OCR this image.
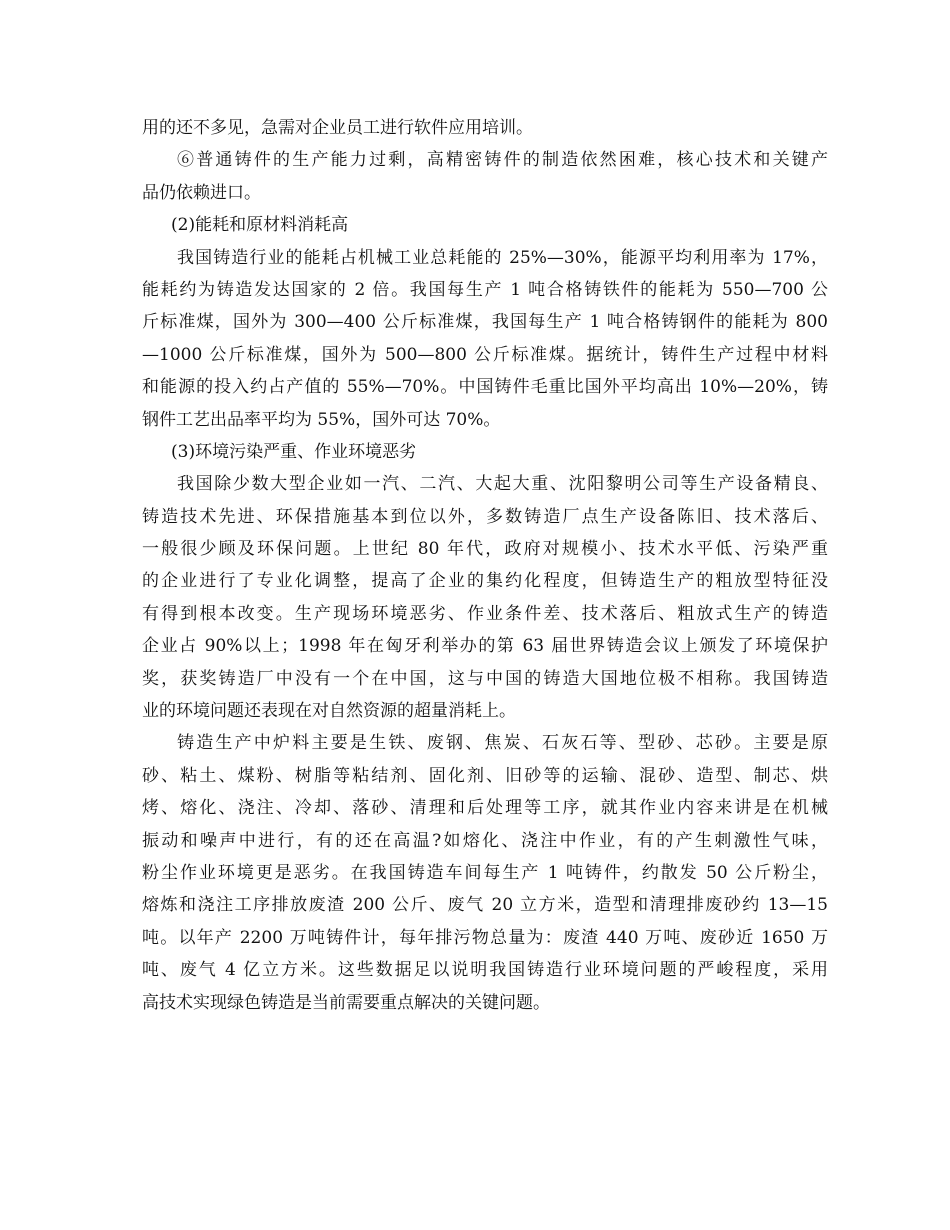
用的还不多见，急需对企业员工进行软件应用培训。
⑥普通铸件的生产能力过剩，高精密铸件的制造依然困难，核心技术和关键产
品仍依赖进口。
(2)能耗和原材料消耗高
我国铸造行业的能耗占机械工业总耗能的 25%—30%，能源平均利用率为 17%，
能耗约为铸造发达国家的 2 倍。我国每生产 1 吨合格铸铁件的能耗为 550—700 公
斤标准煤，国外为 300—400 公斤标准煤，我国每生产 1 吨合格铸钢件的能耗为 800
—1000 公斤标准煤，国外为 500—800 公斤标准煤。据统计，铸件生产过程中材料
和能源的投入约占产值的 55%—70%。中国铸件毛重比国外平均高出 10%—20%，铸
钢件工艺出品率平均为 55%，国外可达 70%。
(3)环境污染严重、作业环境恶劣
我国除少数大型企业如一汽、二汽、大起大重、沈阳黎明公司等生产设备精良、
铸造技术先进、环保措施基本到位以外，多数铸造厂点生产设备陈旧、技术落后、
一般很少顾及环保问题。上世纪 80 年代，政府对规模小、技术水平低、污染严重
的企业进行了专业化调整，提高了企业的集约化程度，但铸造生产的粗放型特征没
有得到根本改变。生产现场环境恶劣、作业条件差、技术落后、粗放式生产的铸造
企业占 90%以上；1998 年在匈牙利举办的第 63 届世界铸造会议上颁发了环境保护
奖，获奖铸造厂中没有一个在中国，这与中国的铸造大国地位极不相称。我国铸造
业的环境问题还表现在对自然资源的超量消耗上。
铸造生产中炉料主要是生铁、废钢、焦炭、石灰石等、型砂、芯砂。主要是原
砂、粘土、煤粉、树脂等粘结剂、固化剂、旧砂等的运输、混砂、造型、制芯、烘
烤、熔化、浇注、冷却、落砂、清理和后处理等工序，就其作业内容来讲是在机械
振动和噪声中进行，有的还在高温?如熔化、浇注中作业，有的产生刺激性气味，
粉尘作业环境更是恶劣。在我国铸造车间每生产 1 吨铸件，约散发 50 公斤粉尘，
熔炼和浇注工序排放废渣 200 公斤、废气 20 立方米，造型和清理排废砂约 13—15
吨。以年产 2200 万吨铸件计，每年排污物总量为：废渣 440 万吨、废砂近 1650 万
吨、废气 4 亿立方米。这些数据足以说明我国铸造行业环境问题的严峻程度，采用
高技术实现绿色铸造是当前需要重点解决的关键问题。
